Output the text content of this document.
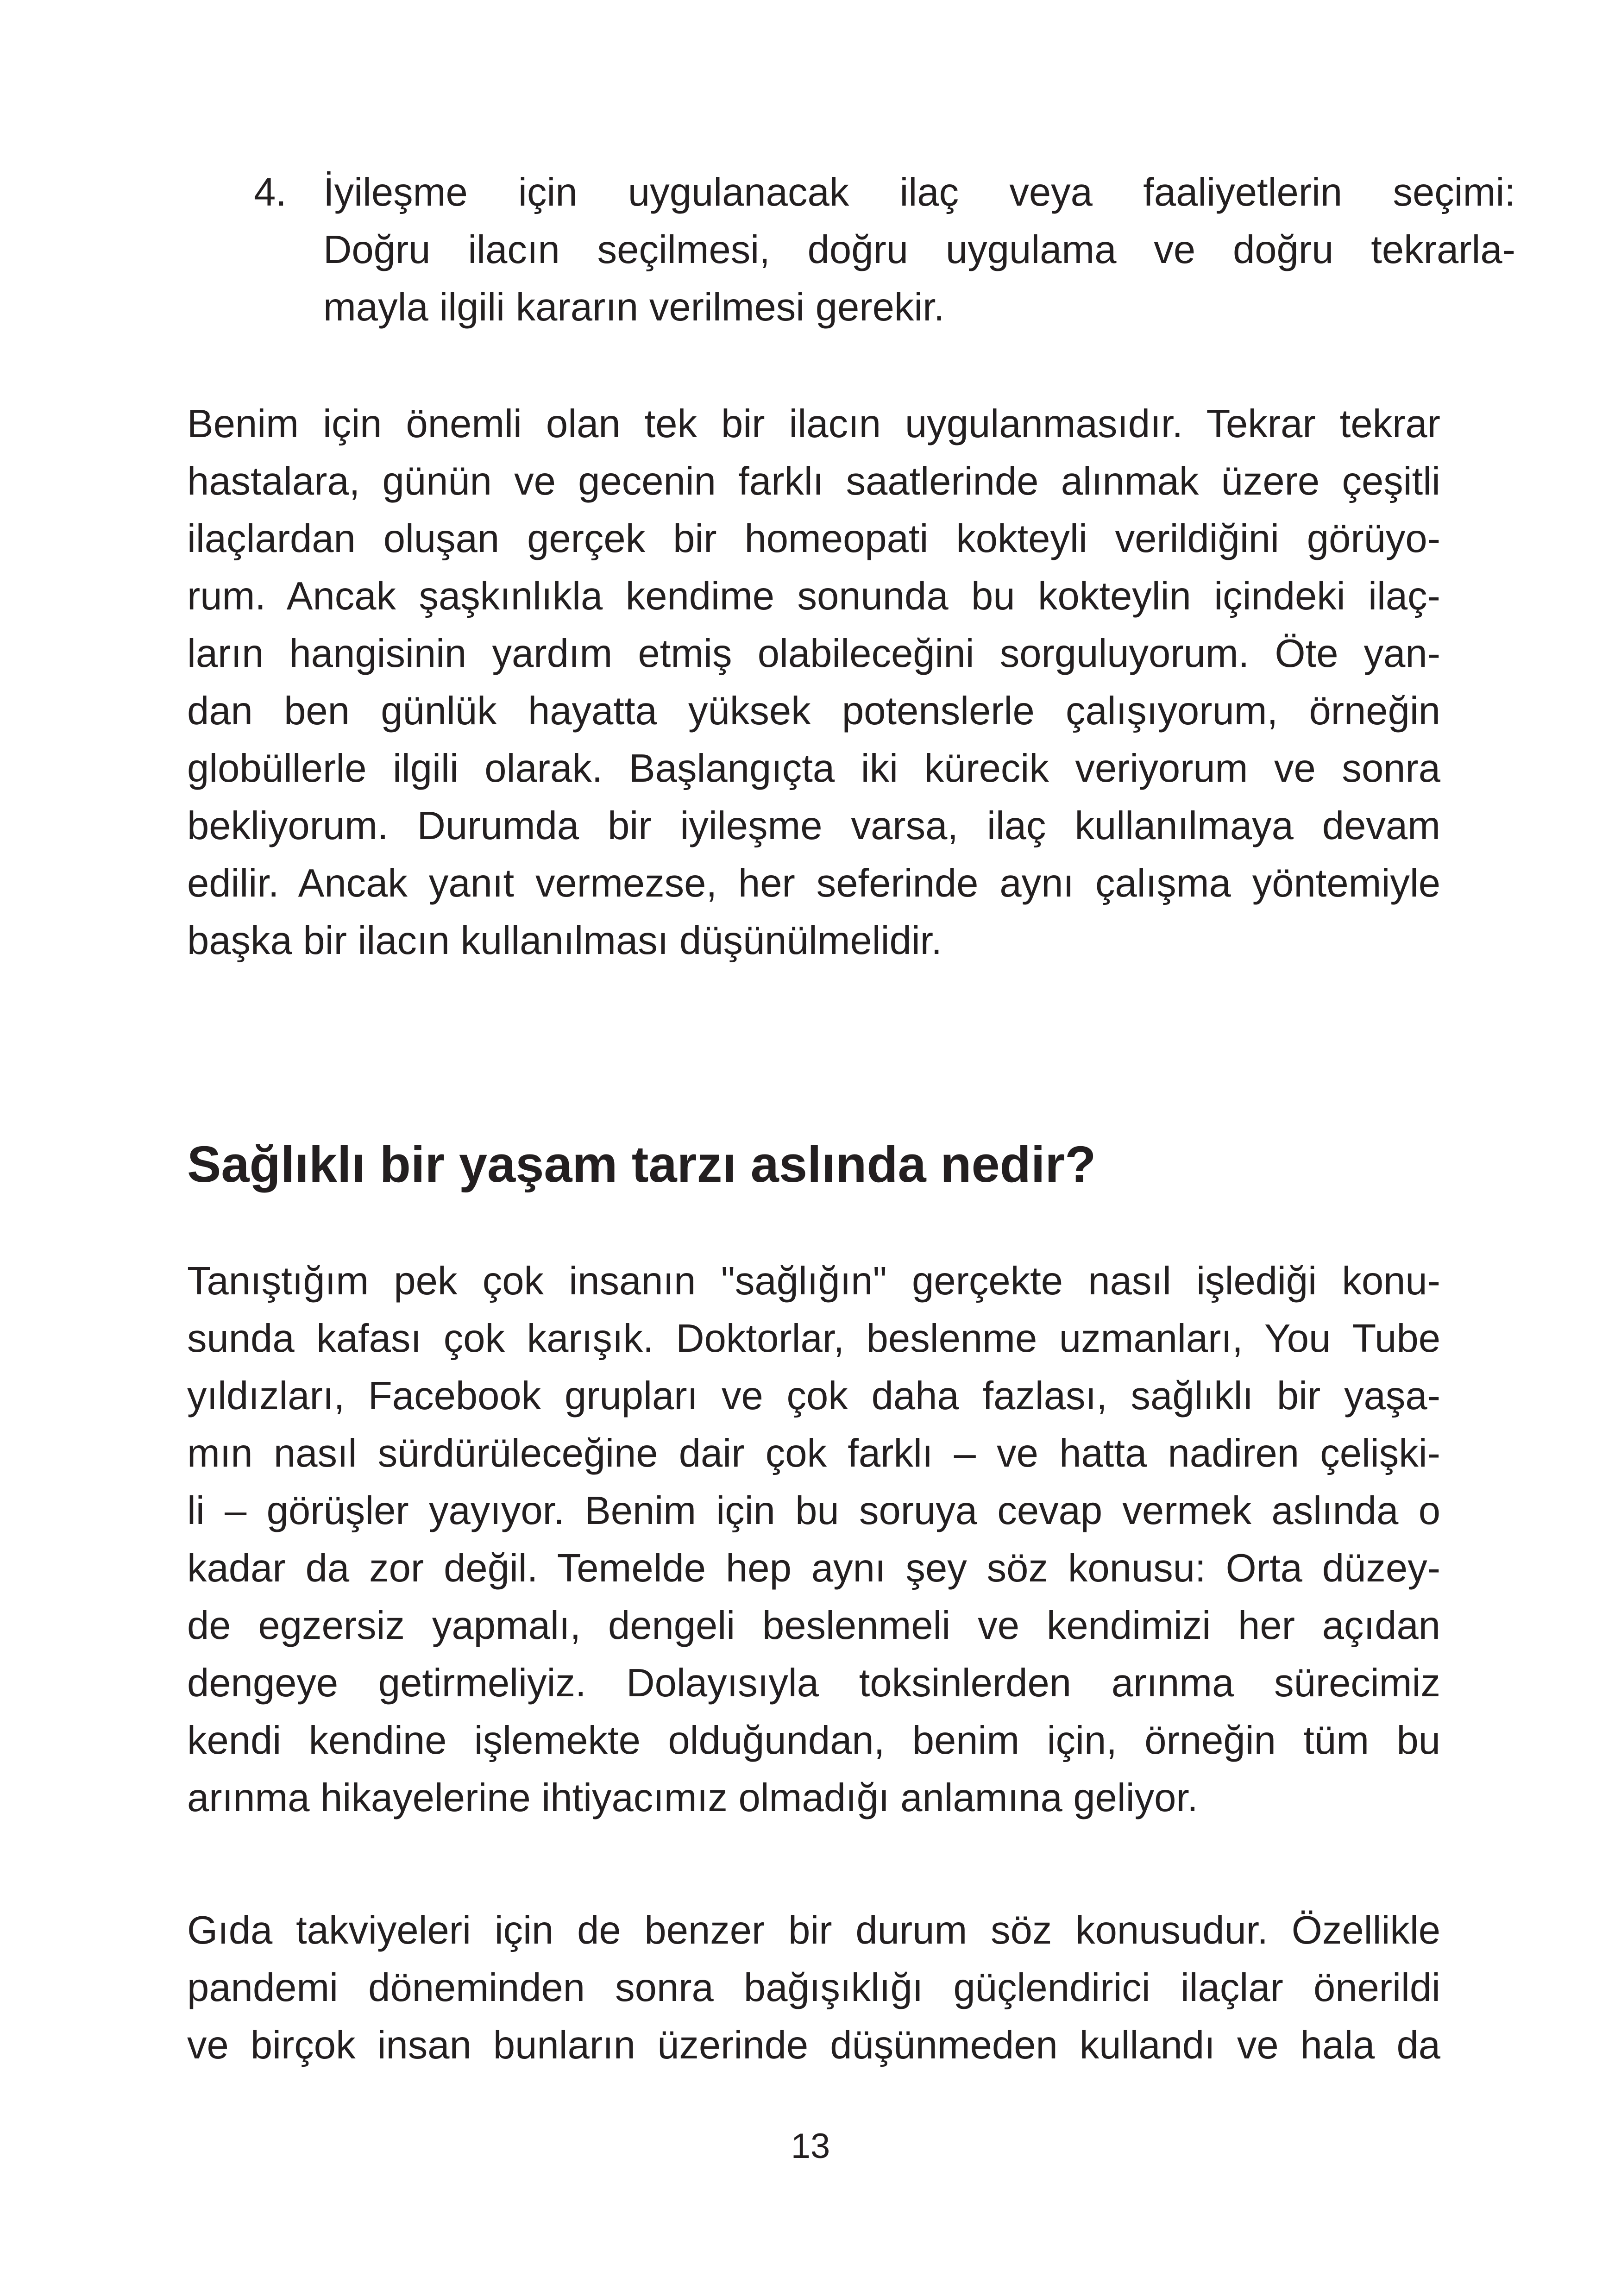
4. İyileşme için uygulanacak ilaç veya faaliyetlerin seçimi:
Doğru ilacın seçilmesi, doğru uygulama ve doğru tekrarla-
mayla ilgili kararın verilmesi gerekir.
Benim için önemli olan tek bir ilacın uygulanmasıdır. Tekrar tekrar
hastalara, günün ve gecenin farklı saatlerinde alınmak üzere çeşitli
ilaçlardan oluşan gerçek bir homeopati kokteyli verildiğini görüyo-
rum. Ancak şaşkınlıkla kendime sonunda bu kokteylin içindeki ilaç-
ların hangisinin yardım etmiş olabileceğini sorguluyorum. Öte yan-
dan ben günlük hayatta yüksek potenslerle çalışıyorum, örneğin
globüllerle ilgili olarak. Başlangıçta iki kürecik veriyorum ve sonra
bekliyorum. Durumda bir iyileşme varsa, ilaç kullanılmaya devam
edilir. Ancak yanıt vermezse, her seferinde aynı çalışma yöntemiyle
başka bir ilacın kullanılması düşünülmelidir.
Sağlıklı bir yaşam tarzı aslında nedir?
Tanıştığım pek çok insanın "sağlığın" gerçekte nasıl işlediği konu-
sunda kafası çok karışık. Doktorlar, beslenme uzmanları, You Tube
yıldızları, Facebook grupları ve çok daha fazlası, sağlıklı bir yaşa-
mın nasıl sürdürüleceğine dair çok farklı – ve hatta nadiren çelişki-
li – görüşler yayıyor. Benim için bu soruya cevap vermek aslında o
kadar da zor değil. Temelde hep aynı şey söz konusu: Orta düzey-
de egzersiz yapmalı, dengeli beslenmeli ve kendimizi her açıdan
dengeye getirmeliyiz. Dolayısıyla toksinlerden arınma sürecimiz
kendi kendine işlemekte olduğundan, benim için, örneğin tüm bu
arınma hikayelerine ihtiyacımız olmadığı anlamına geliyor.
Gıda takviyeleri için de benzer bir durum söz konusudur. Özellikle
pandemi döneminden sonra bağışıklığı güçlendirici ilaçlar önerildi
ve birçok insan bunların üzerinde düşünmeden kullandı ve hala da
13
